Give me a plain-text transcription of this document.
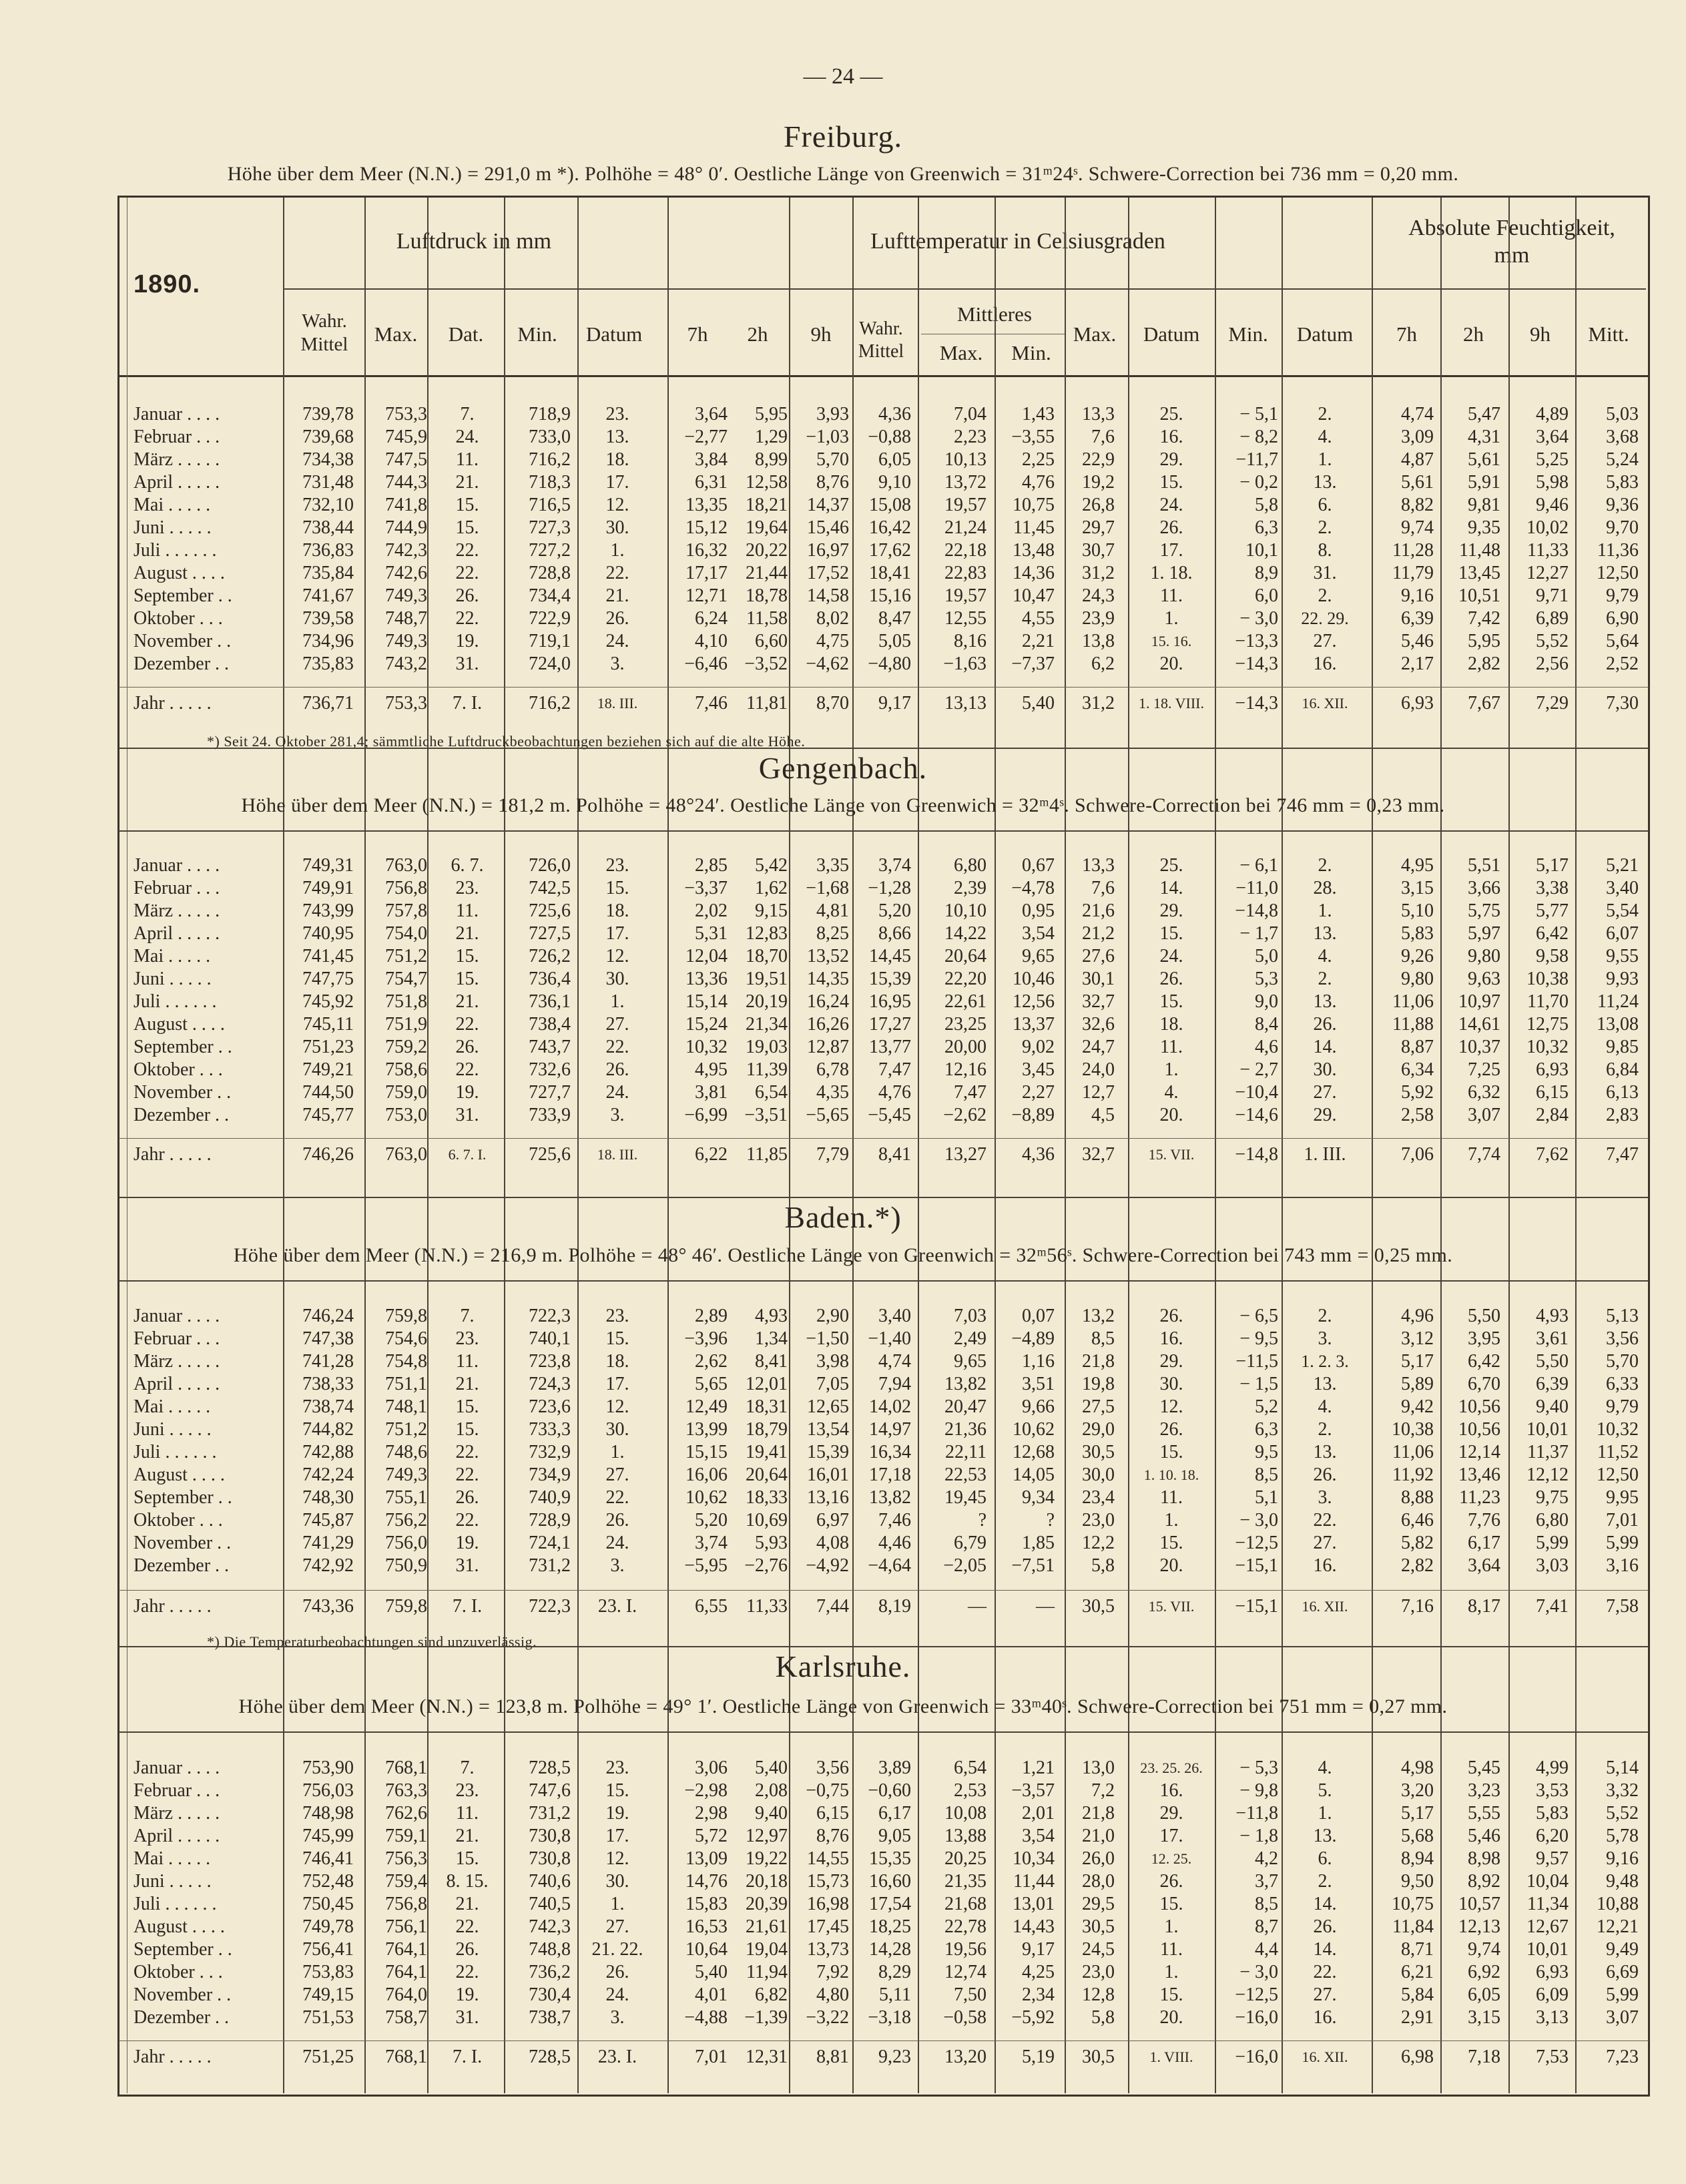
— 24 —
Freiburg.
Höhe über dem Meer (N.N.) = 291,0 m *). Polhöhe = 48° 0′. Oestliche Länge von Greenwich = 31ᵐ24ˢ. Schwere-Correction bei 736 mm = 0,20 mm.
1890.
Luftdruck in mm	Lufttemperatur in Celsiusgraden
Absolute Feuchtigkeit, mm
Wahr. Mittel	Max.	Dat.	Min.	Datum	7h	2h	9h	Wahr. Mittel
Mittleres
Max.	Min.
Max.	Datum	Min.	Datum	7h	2h	9h	Mitt.
Januar . . . .	739,78 753,3	7.	718,9	23.	3,64 5,95 3,93 4,36 7,04 1,43 13,3	25.	− 5,1	2.	4,74 5,47 4,89 5,03
Februar . . .	739,68 745,9	24.	733,0	13.	−2,77 1,29 −1,03 −0,88 2,23 −3,55 7,6	16.	− 8,2	4.	3,09 4,31 3,64 3,68
März . . . . .	734,38 747,5	11.	716,2	18.	3,84 8,99 5,70 6,05 10,13 2,25 22,9	29.	−11,7	1.	4,87 5,61 5,25 5,24
April . . . . .	731,48 744,3	21.	718,3	17.	6,31 12,58 8,76 9,10 13,72 4,76 19,2	15.	− 0,2	13.	5,61 5,91 5,98 5,83
Mai . . . . .	732,10 741,8	15.	716,5	12.	13,35 18,21 14,37 15,08 19,57 10,75 26,8	24.	5,8	6.	8,82 9,81 9,46 9,36
Juni . . . . .	738,44 744,9	15.	727,3	30.	15,12 19,64 15,46 16,42 21,24 11,45 29,7	26.	6,3	2.	9,74 9,35 10,02 9,70
Juli . . . . . .	736,83 742,3	22.	727,2	1.	16,32 20,22 16,97 17,62 22,18 13,48 30,7	17.	10,1	8.	11,28 11,48 11,33 11,36
August . . . .	735,84 742,6	22.	728,8	22.	17,17 21,44 17,52 18,41 22,83 14,36 31,2	1. 18.	8,9	31.	11,79 13,45 12,27 12,50
September . .	741,67 749,3	26.	734,4	21.	12,71 18,78 14,58 15,16 19,57 10,47 24,3	11.	6,0	2.	9,16 10,51 9,71 9,79
Oktober . . .	739,58 748,7	22.	722,9	26.	6,24 11,58 8,02 8,47 12,55 4,55 23,9	1.	− 3,0	22. 29.	6,39 7,42 6,89 6,90
November . .	734,96 749,3	19.	719,1	24.	4,10 6,60 4,75 5,05 8,16 2,21 13,8	15. 16.	−13,3	27.	5,46 5,95 5,52 5,64
Dezember . .	735,83 743,2	31.	724,0	3.	−6,46 −3,52 −4,62 −4,80 −1,63 −7,37 6,2	20.	−14,3	16.	2,17 2,82 2,56 2,52
Jahr . . . . .	736,71 753,3	7. I.	716,2	18. III.	7,46 11,81 8,70 9,17 13,13 5,40 31,2	1. 18. VIII.	−14,3	16. XII.	6,93 7,67 7,29 7,30
*) Seit 24. Oktober 281,4; sämmtliche Luftdruckbeobachtungen beziehen sich auf die alte Höhe.
Gengenbach.
Höhe über dem Meer (N.N.) = 181,2 m. Polhöhe = 48°24′. Oestliche Länge von Greenwich = 32ᵐ4ˢ. Schwere-Correction bei 746 mm = 0,23 mm.
Januar . . . .	749,31 763,0	6. 7.	726,0	23.	2,85 5,42 3,35 3,74 6,80 0,67 13,3	25.	− 6,1	2.	4,95 5,51 5,17 5,21
Februar . . .	749,91 756,8	23.	742,5	15.	−3,37 1,62 −1,68 −1,28 2,39 −4,78 7,6	14.	−11,0	28.	3,15 3,66 3,38 3,40
März . . . . .	743,99 757,8	11.	725,6	18.	2,02 9,15 4,81 5,20 10,10 0,95 21,6	29.	−14,8	1.	5,10 5,75 5,77 5,54
April . . . . .	740,95 754,0	21.	727,5	17.	5,31 12,83 8,25 8,66 14,22 3,54 21,2	15.	− 1,7	13.	5,83 5,97 6,42 6,07
Mai . . . . .	741,45 751,2	15.	726,2	12.	12,04 18,70 13,52 14,45 20,64 9,65 27,6	24.	5,0	4.	9,26 9,80 9,58 9,55
Juni . . . . .	747,75 754,7	15.	736,4	30.	13,36 19,51 14,35 15,39 22,20 10,46 30,1	26.	5,3	2.	9,80 9,63 10,38 9,93
Juli . . . . . .	745,92 751,8	21.	736,1	1.	15,14 20,19 16,24 16,95 22,61 12,56 32,7	15.	9,0	13.	11,06 10,97 11,70 11,24
August . . . .	745,11 751,9	22.	738,4	27.	15,24 21,34 16,26 17,27 23,25 13,37 32,6	18.	8,4	26.	11,88 14,61 12,75 13,08
September . .	751,23 759,2	26.	743,7	22.	10,32 19,03 12,87 13,77 20,00 9,02 24,7	11.	4,6	14.	8,87 10,37 10,32 9,85
Oktober . . .	749,21 758,6	22.	732,6	26.	4,95 11,39 6,78 7,47 12,16 3,45 24,0	1.	− 2,7	30.	6,34 7,25 6,93 6,84
November . .	744,50 759,0	19.	727,7	24.	3,81 6,54 4,35 4,76 7,47 2,27 12,7	4.	−10,4	27.	5,92 6,32 6,15 6,13
Dezember . .	745,77 753,0	31.	733,9	3.	−6,99 −3,51 −5,65 −5,45 −2,62 −8,89 4,5	20.	−14,6	29.	2,58 3,07 2,84 2,83
Jahr . . . . .	746,26 763,0	6. 7. I.	725,6	18. III.	6,22 11,85 7,79 8,41 13,27 4,36 32,7	15. VII.	−14,8	1. III.	7,06 7,74 7,62 7,47
Baden.*)
Höhe über dem Meer (N.N.) = 216,9 m. Polhöhe = 48° 46′. Oestliche Länge von Greenwich = 32ᵐ56ˢ. Schwere-Correction bei 743 mm = 0,25 mm.
Januar . . . .	746,24 759,8	7.	722,3	23.	2,89 4,93 2,90 3,40 7,03 0,07 13,2	26.	− 6,5	2.	4,96 5,50 4,93 5,13
Februar . . .	747,38 754,6	23.	740,1	15.	−3,96 1,34 −1,50 −1,40 2,49 −4,89 8,5	16.	− 9,5	3.	3,12 3,95 3,61 3,56
März . . . . .	741,28 754,8	11.	723,8	18.	2,62 8,41 3,98 4,74 9,65 1,16 21,8	29.	−11,5	1. 2. 3.	5,17 6,42 5,50 5,70
April . . . . .	738,33 751,1	21.	724,3	17.	5,65 12,01 7,05 7,94 13,82 3,51 19,8	30.	− 1,5	13.	5,89 6,70 6,39 6,33
Mai . . . . .	738,74 748,1	15.	723,6	12.	12,49 18,31 12,65 14,02 20,47 9,66 27,5	12.	5,2	4.	9,42 10,56 9,40 9,79
Juni . . . . .	744,82 751,2	15.	733,3	30.	13,99 18,79 13,54 14,97 21,36 10,62 29,0	26.	6,3	2.	10,38 10,56 10,01 10,32
Juli . . . . . .	742,88 748,6	22.	732,9	1.	15,15 19,41 15,39 16,34 22,11 12,68 30,5	15.	9,5	13.	11,06 12,14 11,37 11,52
August . . . .	742,24 749,3	22.	734,9	27.	16,06 20,64 16,01 17,18 22,53 14,05 30,0	1. 10. 18.	8,5	26.	11,92 13,46 12,12 12,50
September . .	748,30 755,1	26.	740,9	22.	10,62 18,33 13,16 13,82 19,45 9,34 23,4	11.	5,1	3.	8,88 11,23 9,75 9,95
Oktober . . .	745,87 756,2	22.	728,9	26.	5,20 10,69 6,97 7,46	?	? 23,0	1.	− 3,0	22.	6,46 7,76 6,80 7,01
November . .	741,29 756,0	19.	724,1	24.	3,74 5,93 4,08 4,46 6,79 1,85 12,2	15.	−12,5	27.	5,82 6,17 5,99 5,99
Dezember . .	742,92 750,9	31.	731,2	3.	−5,95 −2,76 −4,92 −4,64 −2,05 −7,51 5,8	20.	−15,1	16.	2,82 3,64 3,03 3,16
Jahr . . . . .	743,36 759,8	7. I.	722,3	23. I.	6,55 11,33 7,44 8,19	—	— 30,5	15. VII.	−15,1	16. XII.	7,16 8,17 7,41 7,58
*) Die Temperaturbeobachtungen sind unzuverlässig.
Karlsruhe.
Höhe über dem Meer (N.N.) = 123,8 m. Polhöhe = 49° 1′. Oestliche Länge von Greenwich = 33ᵐ40ˢ. Schwere-Correction bei 751 mm = 0,27 mm.
Januar . . . .	753,90 768,1	7.	728,5	23.	3,06 5,40 3,56 3,89 6,54 1,21 13,0	23. 25. 26.	− 5,3	4.	4,98 5,45 4,99 5,14
Februar . . .	756,03 763,3	23.	747,6	15.	−2,98 2,08 −0,75 −0,60 2,53 −3,57 7,2	16.	− 9,8	5.	3,20 3,23 3,53 3,32
März . . . . .	748,98 762,6	11.	731,2	19.	2,98 9,40 6,15 6,17 10,08 2,01 21,8	29.	−11,8	1.	5,17 5,55 5,83 5,52
April . . . . .	745,99 759,1	21.	730,8	17.	5,72 12,97 8,76 9,05 13,88 3,54 21,0	17.	− 1,8	13.	5,68 5,46 6,20 5,78
Mai . . . . .	746,41 756,3	15.	730,8	12.	13,09 19,22 14,55 15,35 20,25 10,34 26,0	12. 25.	4,2	6.	8,94 8,98 9,57 9,16
Juni . . . . .	752,48 759,4	8. 15.	740,6	30.	14,76 20,18 15,73 16,60 21,35 11,44 28,0	26.	3,7	2.	9,50 8,92 10,04 9,48
Juli . . . . . .	750,45 756,8	21.	740,5	1.	15,83 20,39 16,98 17,54 21,68 13,01 29,5	15.	8,5	14.	10,75 10,57 11,34 10,88
August . . . .	749,78 756,1	22.	742,3	27.	16,53 21,61 17,45 18,25 22,78 14,43 30,5	1.	8,7	26.	11,84 12,13 12,67 12,21
September . .	756,41 764,1	26.	748,8	21. 22.	10,64 19,04 13,73 14,28 19,56 9,17 24,5	11.	4,4	14.	8,71 9,74 10,01 9,49
Oktober . . .	753,83 764,1	22.	736,2	26.	5,40 11,94 7,92 8,29 12,74 4,25 23,0	1.	− 3,0	22.	6,21 6,92 6,93 6,69
November . .	749,15 764,0	19.	730,4	24.	4,01 6,82 4,80 5,11 7,50 2,34 12,8	15.	−12,5	27.	5,84 6,05 6,09 5,99
Dezember . .	751,53 758,7	31.	738,7	3.	−4,88 −1,39 −3,22 −3,18 −0,58 −5,92 5,8	20.	−16,0	16.	2,91 3,15 3,13 3,07
Jahr . . . . .	751,25 768,1	7. I.	728,5	23. I.	7,01 12,31 8,81 9,23 13,20 5,19 30,5	1. VIII.	−16,0	16. XII.	6,98 7,18 7,53 7,23
